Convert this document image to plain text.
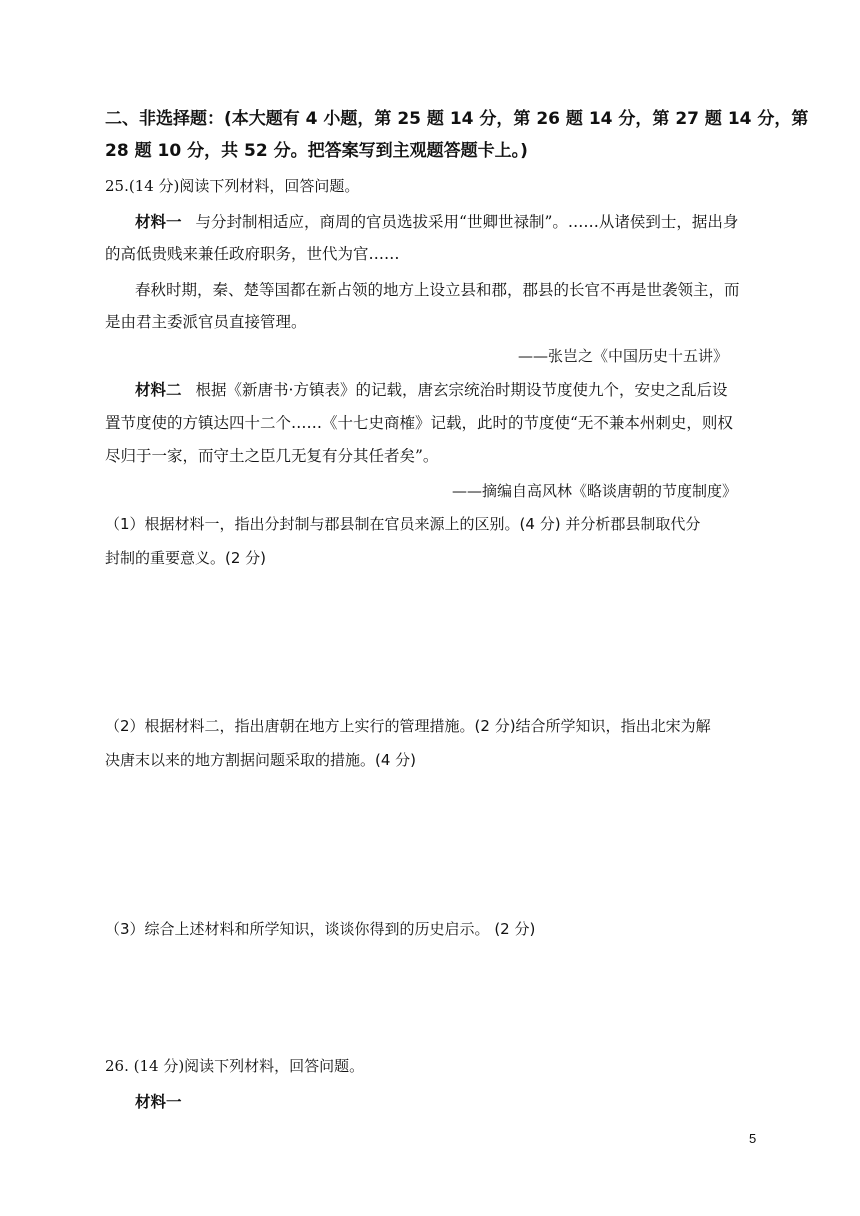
二、非选择题：(本大题有 4 小题，第 25 题 14 分，第 26 题 14 分，第 27 题 14 分，第
28 题 10 分，共 52 分。把答案写到主观题答题卡上。)
25.(14 分)阅读下列材料，回答问题。
材料一 与分封制相适应，商周的官员选拔采用“世卿世禄制”。……从诸侯到士，据出身
的高低贵贱来兼任政府职务，世代为官……
春秋时期，秦、楚等国都在新占领的地方上设立县和郡，郡县的长官不再是世袭领主，而
是由君主委派官员直接管理。
——张岂之《中国历史十五讲》
材料二 根据《新唐书·方镇表》的记载，唐玄宗统治时期设节度使九个，安史之乱后设
置节度使的方镇达四十二个……《十七史商榷》记载，此时的节度使“无不兼本州刺史，则权
尽归于一家，而守土之臣几无复有分其任者矣”。
——摘编自高风林《略谈唐朝的节度制度》
（1）根据材料一，指出分封制与郡县制在官员来源上的区别。(4 分) 并分析郡县制取代分
封制的重要意义。(2 分)
（2）根据材料二，指出唐朝在地方上实行的管理措施。(2 分)结合所学知识，指出北宋为解
决唐末以来的地方割据问题采取的措施。(4 分)
（3）综合上述材料和所学知识，谈谈你得到的历史启示。 (2 分)
26. (14 分)阅读下列材料，回答问题。
材料一
5
